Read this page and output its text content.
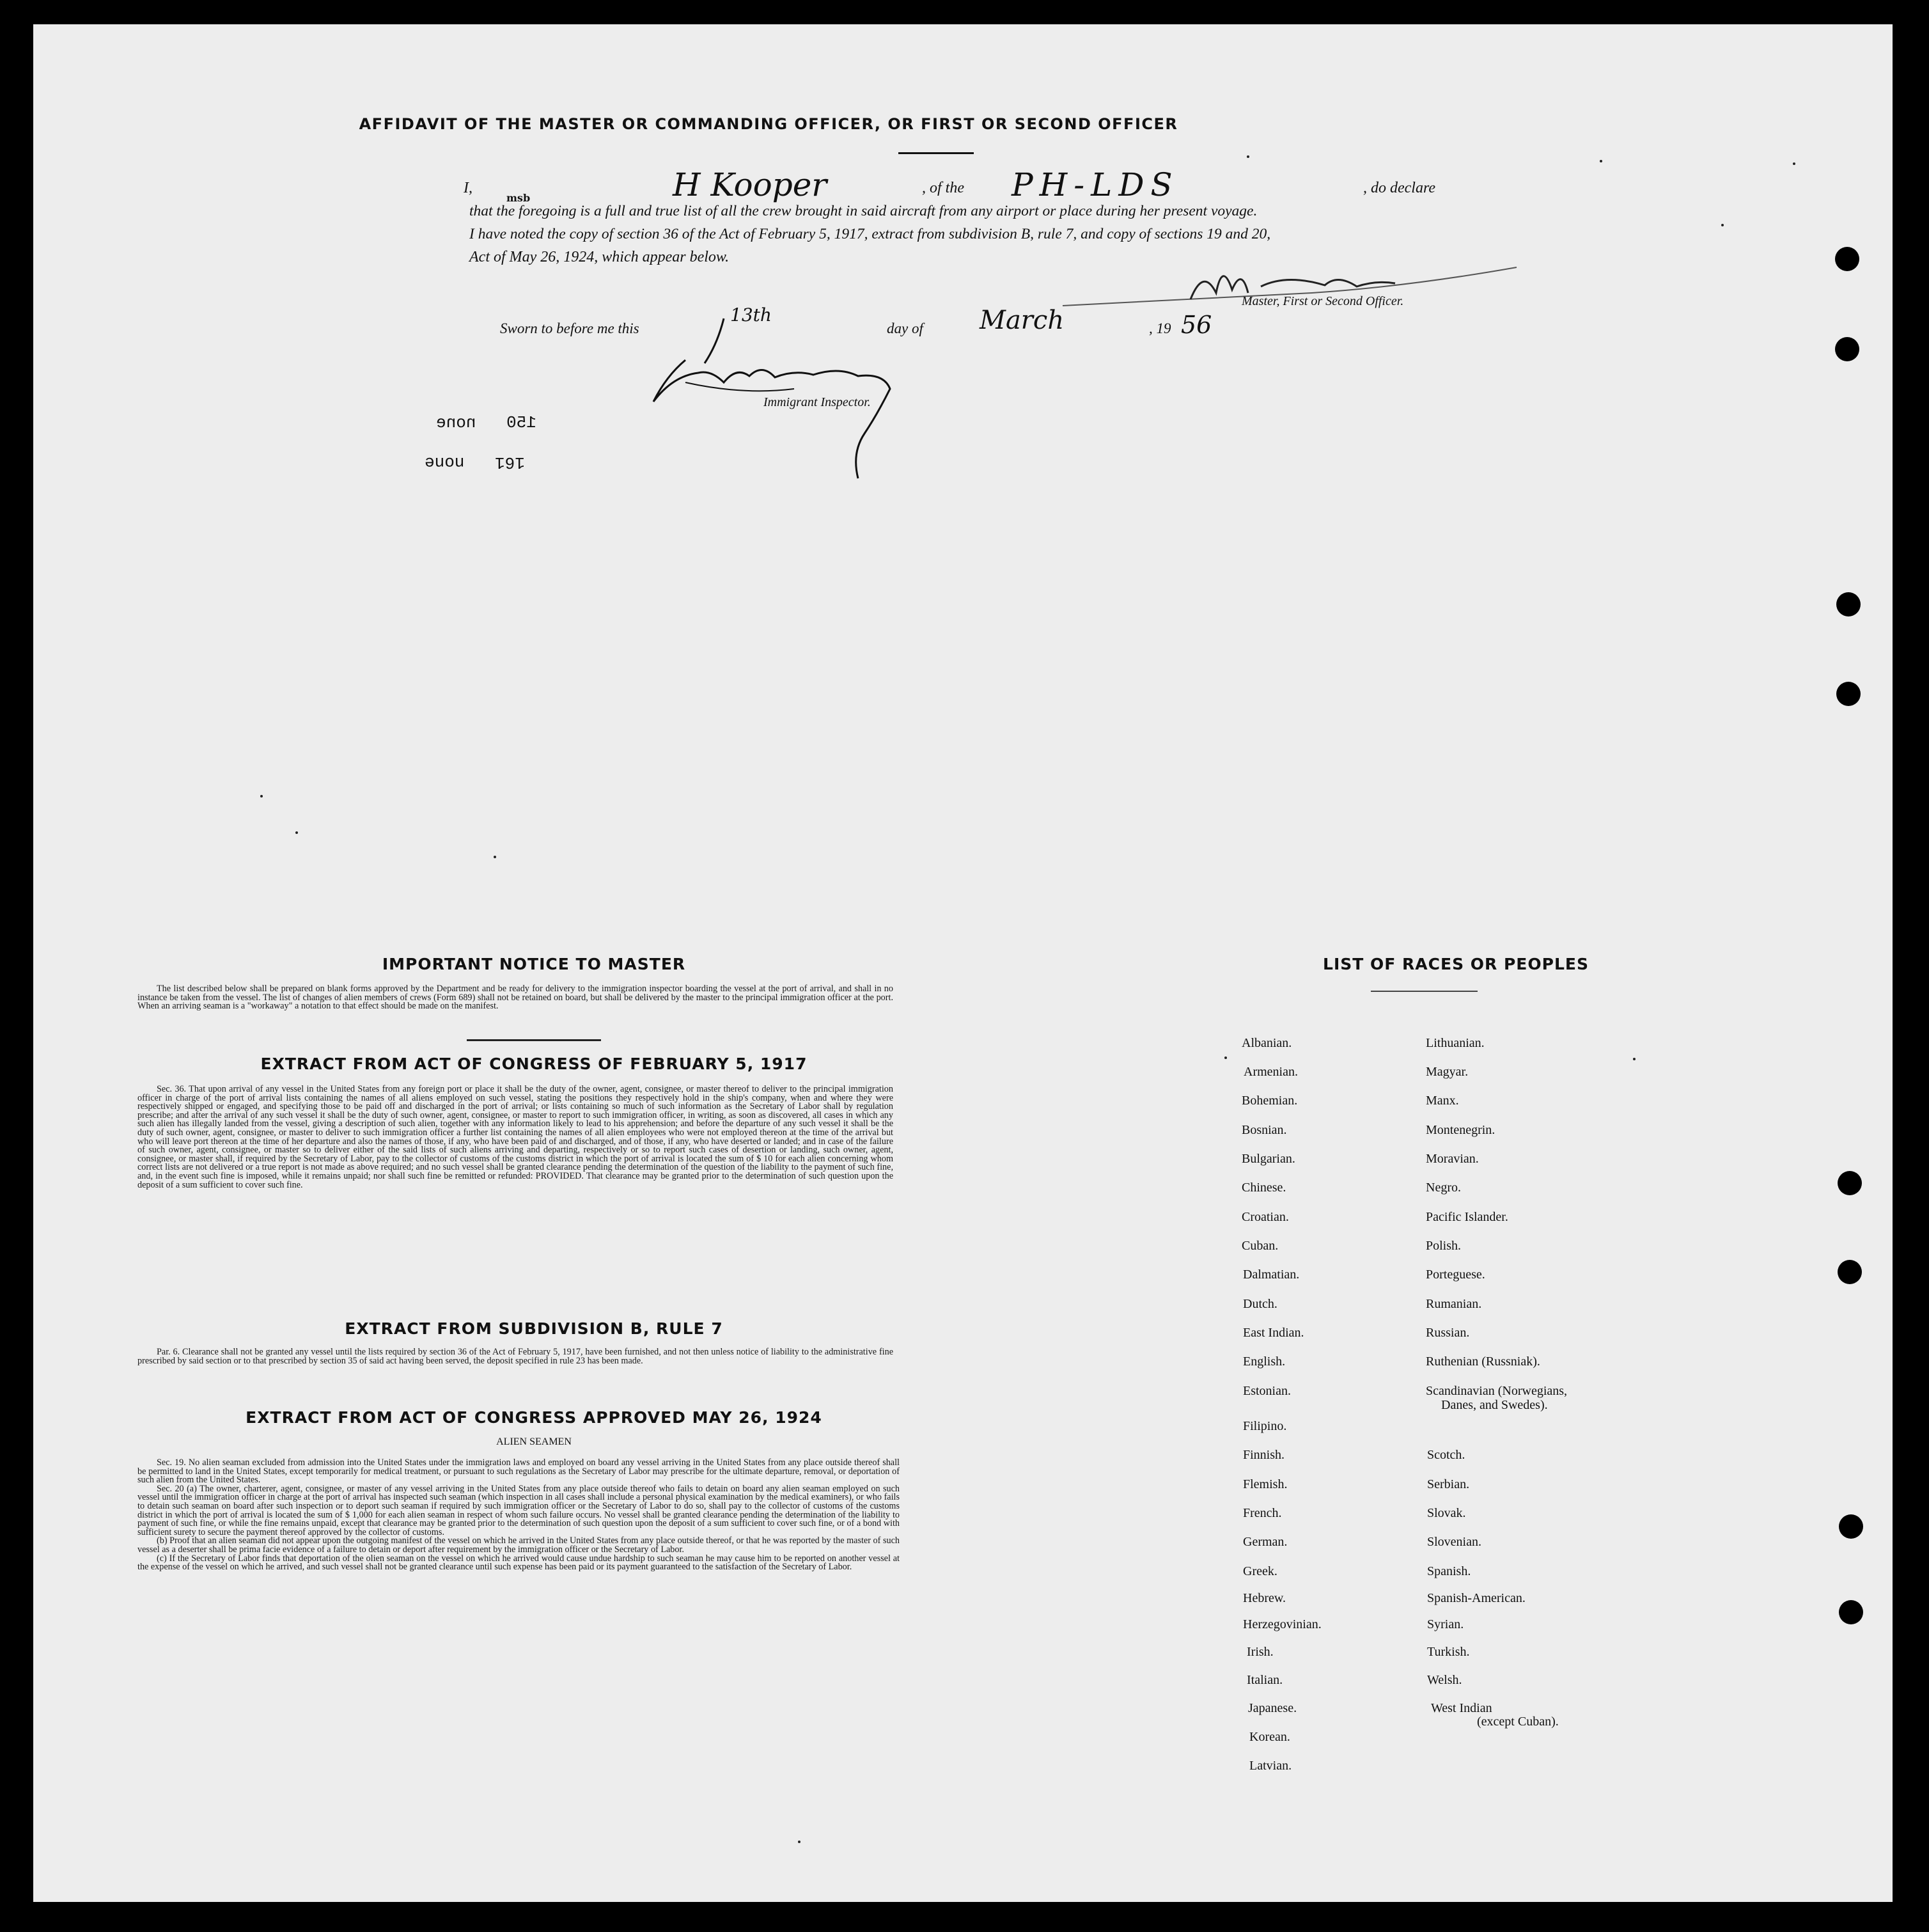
AFFIDAVIT OF THE MASTER OR COMMANDING OFFICER, OR FIRST OR SECOND OFFICER
I,	H Kooper	, of the PH-LDS	, do declare
that the foregoing is a full and true list of all the crew brought in said aircraft from any airport or place during her present voyage.
msb
I have noted the copy of section 36 of the Act of February 5, 1917, extract from subdivision B, rule 7, and copy of sections 19 and 20,
Act of May 26, 1924, which appear below.
Master, First or Second Officer.
Sworn to before me this
13th
day of March	, 19 56
Immigrant Inspector.
none 150
none 161
IMPORTANT NOTICE TO MASTER

The list described below shall be prepared on blank forms approved by the Department and be ready for delivery to the immigration inspector boarding the vessel at the port of arrival, and shall in no instance be taken from the vessel. The list of changes of alien members of crews (Form 689) shall not be retained on board, but shall be delivered by the master to the principal immigration officer at the port. When an arriving seaman is a "workaway" a notation to that effect should be made on the manifest.

EXTRACT FROM ACT OF CONGRESS OF FEBRUARY 5, 1917

Sec. 36. That upon arrival of any vessel in the United States from any foreign port or place it shall be the duty of the owner, agent, consignee, or master thereof to deliver to the principal immigration officer in charge of the port of arrival lists containing the names of all aliens employed on such vessel, stating the positions they respectively hold in the ship's company, when and where they were respectively shipped or engaged, and specifying those to be paid off and discharged in the port of arrival; or lists containing so much of such information as the Secretary of Labor shall by regulation prescribe; and after the arrival of any such vessel it shall be the duty of such owner, agent, consignee, or master to report to such immigration officer, in writing, as soon as discovered, all cases in which any such alien has illegally landed from the vessel, giving a description of such alien, together with any information likely to lead to his apprehension; and before the departure of any such vessel it shall be the duty of such owner, agent, consignee, or master to deliver to such immigration officer a further list containing the names of all alien employees who were not employed thereon at the time of the arrival but who will leave port thereon at the time of her departure and also the names of those, if any, who have been paid of and discharged, and of those, if any, who have deserted or landed; and in case of the failure of such owner, agent, consignee, or master so to deliver either of the said lists of such aliens arriving and departing, respectively or so to report such cases of desertion or landing, such owner, agent, consignee, or master shall, if required by the Secretary of Labor, pay to the collector of customs of the customs district in which the port of arrival is located the sum of $ 10 for each alien concerning whom correct lists are not delivered or a true report is not made as above required; and no such vessel shall be granted clearance pending the determination of the question of the liability to the payment of such fine, and, in the event such fine is imposed, while it remains unpaid; nor shall such fine be remitted or refunded: PROVIDED. That clearance may be granted prior to the determination of such question upon the deposit of a sum sufficient to cover such fine.

EXTRACT FROM SUBDIVISION B, RULE 7

Par. 6. Clearance shall not be granted any vessel until the lists required by section 36 of the Act of February 5, 1917, have been furnished, and not then unless notice of liability to the administrative fine prescribed by said section or to that prescribed by section 35 of said act having been served, the deposit specified in rule 23 has been made.

EXTRACT FROM ACT OF CONGRESS APPROVED MAY 26, 1924
ALIEN SEAMEN

Sec. 19. No alien seaman excluded from admission into the United States under the immigration laws and employed on board any vessel arriving in the United States from any place outside thereof shall be permitted to land in the United States, except temporarily for medical treatment, or pursuant to such regulations as the Secretary of Labor may prescribe for the ultimate departure, removal, or deportation of such alien from the United States.

Sec. 20 (a) The owner, charterer, agent, consignee, or master of any vessel arriving in the United States from any place outside thereof who fails to detain on board any alien seaman employed on such vessel until the immigration officer in charge at the port of arrival has inspected such seaman (which inspection in all cases shall include a personal physical examination by the medical examiners), or who fails to detain such seaman on board after such inspection or to deport such seaman if required by such immigration officer or the Secretary of Labor to do so, shall pay to the collector of customs of the customs district in which the port of arrival is located the sum of $ 1,000 for each alien seaman in respect of whom such failure occurs. No vessel shall be granted clearance pending the determination of the liability to payment of such fine, or while the fine remains unpaid, except that clearance may be granted prior to the determination of such question upon the deposit of a sum sufficient to cover such fine, or of a bond with sufficient surety to secure the payment thereof approved by the collector of customs.

(b) Proof that an alien seaman did not appear upon the outgoing manifest of the vessel on which he arrived in the United States from any place outside thereof, or that he was reported by the master of such vessel as a deserter shall be prima facie evidence of a failure to detain or deport after requirement by the immigration officer or the Secretary of Labor.

(c) If the Secretary of Labor finds that deportation of the olien seaman on the vessel on which he arrived would cause undue hardship to such seaman he may cause him to be reported on another vessel at the expense of the vessel on which he arrived, and such vessel shall not be granted clearance until such expense has been paid or its payment guaranteed to the satisfaction of the Secretary of Labor.

LIST OF RACES OR PEOPLES
Albanian.
Armenian.
Bohemian.
Bosnian.
Bulgarian.
Chinese.
Croatian.
Cuban.
Dalmatian.
Dutch.
East Indian.
English.
Estonian.
Filipino.
Finnish.
Flemish.
French.
German.
Greek.
Hebrew.
Herzegovinian.
Irish.
Italian.
Japanese.
Korean.
Latvian.
Lithuanian.
Magyar.
Manx.
Montenegrin.
Moravian.
Negro.
Pacific Islander.
Polish.
Porteguese.
Rumanian.
Russian.
Ruthenian (Russniak).
Scandinavian (Norwegians,
Danes, and Swedes).
Scotch.
Serbian.
Slovak.
Slovenian.
Spanish.
Spanish-American.
Syrian.
Turkish.
Welsh.
West Indian
(except Cuban).
